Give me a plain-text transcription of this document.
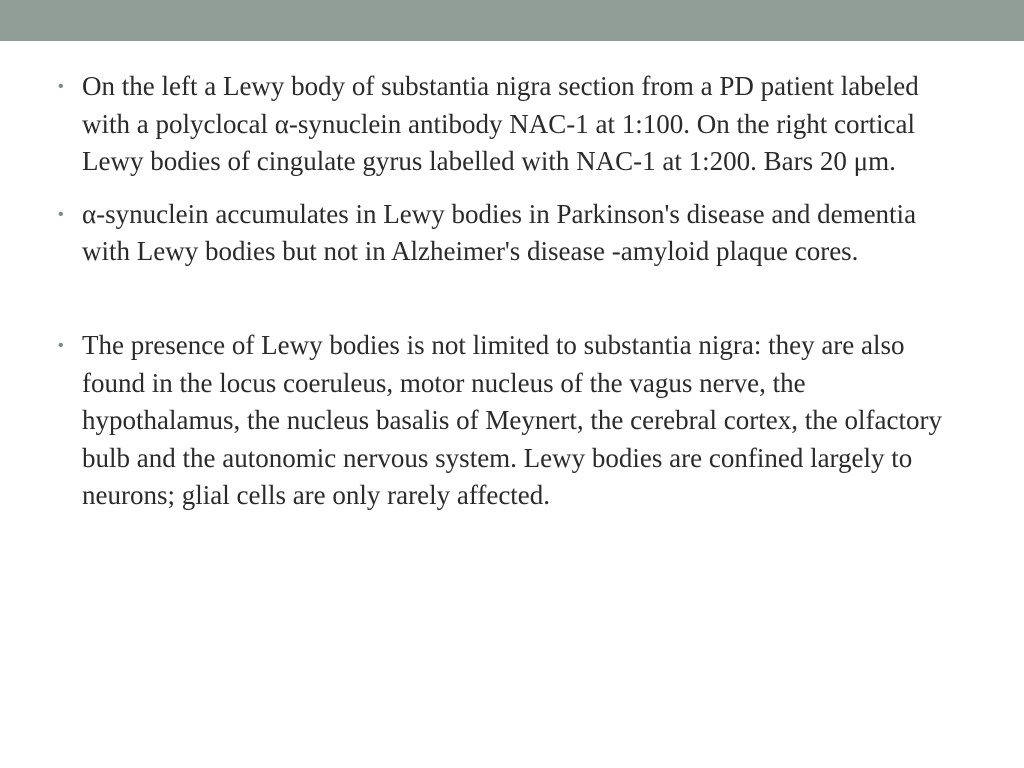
• On the left a Lewy body of substantia nigra section from a PD patient labeled with a polyclocal α-synuclein antibody NAC-1 at 1:100. On the right cortical Lewy bodies of cingulate gyrus labelled with NAC-1 at 1:200. Bars 20 μm.
• α-synuclein accumulates in Lewy bodies in Parkinson's disease and dementia with Lewy bodies but not in Alzheimer's disease -amyloid plaque cores.
• The presence of Lewy bodies is not limited to substantia nigra: they are also found in the locus coeruleus, motor nucleus of the vagus nerve, the hypothalamus, the nucleus basalis of Meynert, the cerebral cortex, the olfactory bulb and the autonomic nervous system. Lewy bodies are confined largely to neurons; glial cells are only rarely affected.
